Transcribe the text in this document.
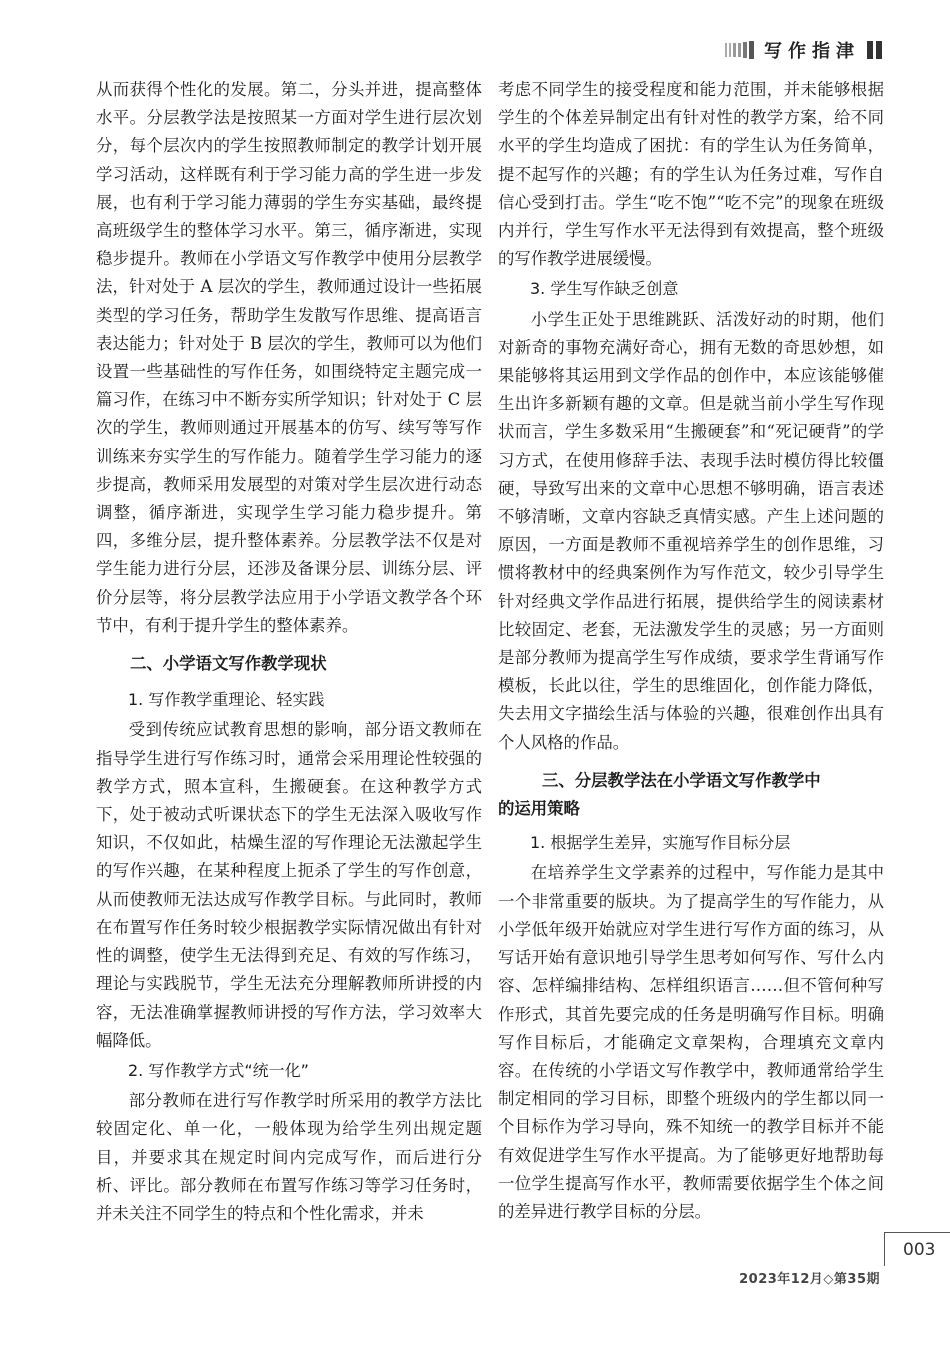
写作指津

从而获得个性化的发展。第二，分头并进，提高整体水平。分层教学法是按照某一方面对学生进行层次划分，每个层次内的学生按照教师制定的教学计划开展学习活动，这样既有利于学习能力高的学生进一步发展，也有利于学习能力薄弱的学生夯实基础，最终提高班级学生的整体学习水平。第三，循序渐进，实现稳步提升。教师在小学语文写作教学中使用分层教学法，针对处于 A 层次的学生，教师通过设计一些拓展类型的学习任务，帮助学生发散写作思维、提高语言表达能力；针对处于 B 层次的学生，教师可以为他们设置一些基础性的写作任务，如围绕特定主题完成一篇习作，在练习中不断夯实所学知识；针对处于 C 层次的学生，教师则通过开展基本的仿写、续写等写作训练来夯实学生的写作能力。随着学生学习能力的逐步提高，教师采用发展型的对策对学生层次进行动态调整，循序渐进，实现学生学习能力稳步提升。第四，多维分层，提升整体素养。分层教学法不仅是对学生能力进行分层，还涉及备课分层、训练分层、评价分层等，将分层教学法应用于小学语文教学各个环节中，有利于提升学生的整体素养。

二、小学语文写作教学现状
1. 写作教学重理论、轻实践

受到传统应试教育思想的影响，部分语文教师在指导学生进行写作练习时，通常会采用理论性较强的教学方式，照本宣科，生搬硬套。在这种教学方式下，处于被动式听课状态下的学生无法深入吸收写作知识，不仅如此，枯燥生涩的写作理论无法激起学生的写作兴趣，在某种程度上扼杀了学生的写作创意，从而使教师无法达成写作教学目标。与此同时，教师在布置写作任务时较少根据教学实际情况做出有针对性的调整，使学生无法得到充足、有效的写作练习，理论与实践脱节，学生无法充分理解教师所讲授的内容，无法准确掌握教师讲授的写作方法，学习效率大幅降低。

2. 写作教学方式“统一化”

部分教师在进行写作教学时所采用的教学方法比较固定化、单一化，一般体现为给学生列出规定题目，并要求其在规定时间内完成写作，而后进行分析、评比。部分教师在布置写作练习等学习任务时，并未关注不同学生的特点和个性化需求，并未

考虑不同学生的接受程度和能力范围，并未能够根据学生的个体差异制定出有针对性的教学方案，给不同水平的学生均造成了困扰：有的学生认为任务简单，提不起写作的兴趣；有的学生认为任务过难，写作自信心受到打击。学生“吃不饱”“吃不完”的现象在班级内并行，学生写作水平无法得到有效提高，整个班级的写作教学进展缓慢。

3. 学生写作缺乏创意

小学生正处于思维跳跃、活泼好动的时期，他们对新奇的事物充满好奇心，拥有无数的奇思妙想，如果能够将其运用到文学作品的创作中，本应该能够催生出许多新颖有趣的文章。但是就当前小学生写作现状而言，学生多数采用“生搬硬套”和“死记硬背”的学习方式，在使用修辞手法、表现手法时模仿得比较僵硬，导致写出来的文章中心思想不够明确，语言表述不够清晰，文章内容缺乏真情实感。产生上述问题的原因，一方面是教师不重视培养学生的创作思维，习惯将教材中的经典案例作为写作范文，较少引导学生针对经典文学作品进行拓展，提供给学生的阅读素材比较固定、老套，无法激发学生的灵感；另一方面则是部分教师为提高学生写作成绩，要求学生背诵写作模板，长此以往，学生的思维固化，创作能力降低，失去用文字描绘生活与体验的兴趣，很难创作出具有个人风格的作品。

三、分层教学法在小学语文写作教学中
的运用策略
1. 根据学生差异，实施写作目标分层

在培养学生文学素养的过程中，写作能力是其中一个非常重要的版块。为了提高学生的写作能力，从小学低年级开始就应对学生进行写作方面的练习，从写话开始有意识地引导学生思考如何写作、写什么内容、怎样编排结构、怎样组织语言……但不管何种写作形式，其首先要完成的任务是明确写作目标。明确写作目标后，才能确定文章架构，合理填充文章内容。在传统的小学语文写作教学中，教师通常给学生制定相同的学习目标，即整个班级内的学生都以同一个目标作为学习导向，殊不知统一的教学目标并不能有效促进学生写作水平提高。为了能够更好地帮助每一位学生提高写作水平，教师需要依据学生个体之间的差异进行教学目标的分层。

003
2023年12月◇第35期
